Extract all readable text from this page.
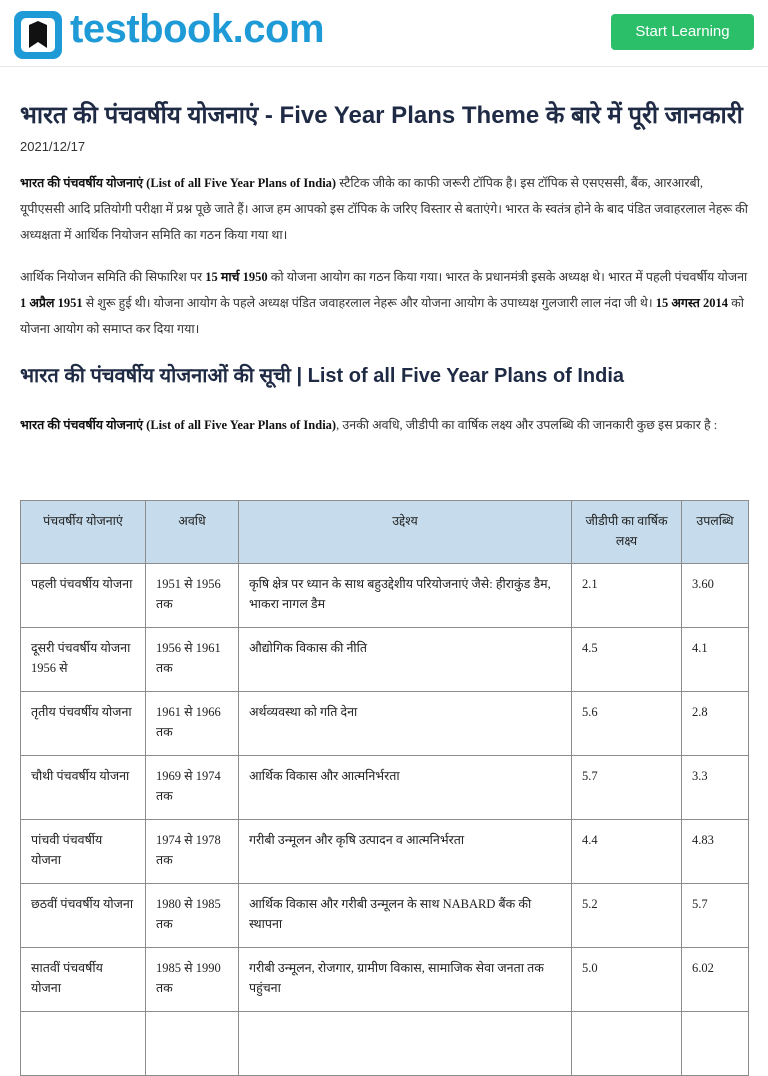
testbook.com	Start Learning
भारत की पंचवर्षीय योजनाएं - Five Year Plans Theme के बारे में पूरी जानकारी
2021/12/17

भारत की पंचवर्षीय योजनाएं (List of all Five Year Plans of India) स्टैटिक जीके का काफी जरूरी टॉपिक है। इस टॉपिक से एसएससी, बैंक, आरआरबी, यूपीएससी आदि प्रतियोगी परीक्षा में प्रश्न पूछे जाते हैं। आज हम आपको इस टॉपिक के जरिए विस्तार से बताएंगे। भारत के स्वतंत्र होने के बाद पंडित जवाहरलाल नेहरू की अध्यक्षता में आर्थिक नियोजन समिति का गठन किया गया था।

आर्थिक नियोजन समिति की सिफारिश पर 15 मार्च 1950 को योजना आयोग का गठन किया गया। भारत के प्रधानमंत्री इसके अध्यक्ष थे। भारत में पहली पंचवर्षीय योजना 1 अप्रैल 1951 से शुरू हुई थी। योजना आयोग के पहले अध्यक्ष पंडित जवाहरलाल नेहरू और योजना आयोग के उपाध्यक्ष गुलजारी लाल नंदा जी थे। 15 अगस्त 2014 को योजना आयोग को समाप्त कर दिया गया।

भारत की पंचवर्षीय योजनाओं की सूची | List of all Five Year Plans of India

भारत की पंचवर्षीय योजनाएं (List of all Five Year Plans of India), उनकी अवधि, जीडीपी का वार्षिक लक्ष्य और उपलब्धि की जानकारी कुछ इस प्रकार है :

पंचवर्षीय योजनाएं	अवधि	उद्देश्य	जीडीपी का वार्षिक लक्ष्य	उपलब्धि
पहली पंचवर्षीय योजना	1951 से 1956 तक	कृषि क्षेत्र पर ध्यान के साथ बहुउद्देशीय परियोजनाएं जैसे: हीराकुंड डैम, भाकरा नागल डैम	2.1	3.60
दूसरी पंचवर्षीय योजना 1956 से	1956 से 1961 तक	औद्योगिक विकास की नीति	4.5	4.1
तृतीय पंचवर्षीय योजना	1961 से 1966 तक	अर्थव्यवस्था को गति देना	5.6	2.8
चौथी पंचवर्षीय योजना	1969 से 1974 तक	आर्थिक विकास और आत्मनिर्भरता	5.7	3.3
पांचवी पंचवर्षीय योजना	1974 से 1978 तक	गरीबी उन्मूलन और कृषि उत्पादन व आत्मनिर्भरता	4.4	4.83
छठवीं पंचवर्षीय योजना	1980 से 1985 तक	आर्थिक विकास और गरीबी उन्मूलन के साथ NABARD बैंक की स्थापना	5.2	5.7
सातवीं पंचवर्षीय योजना	1985 से 1990 तक	गरीबी उन्मूलन, रोजगार, ग्रामीण विकास, सामाजिक सेवा जनता तक पहुंचना	5.0	6.02
